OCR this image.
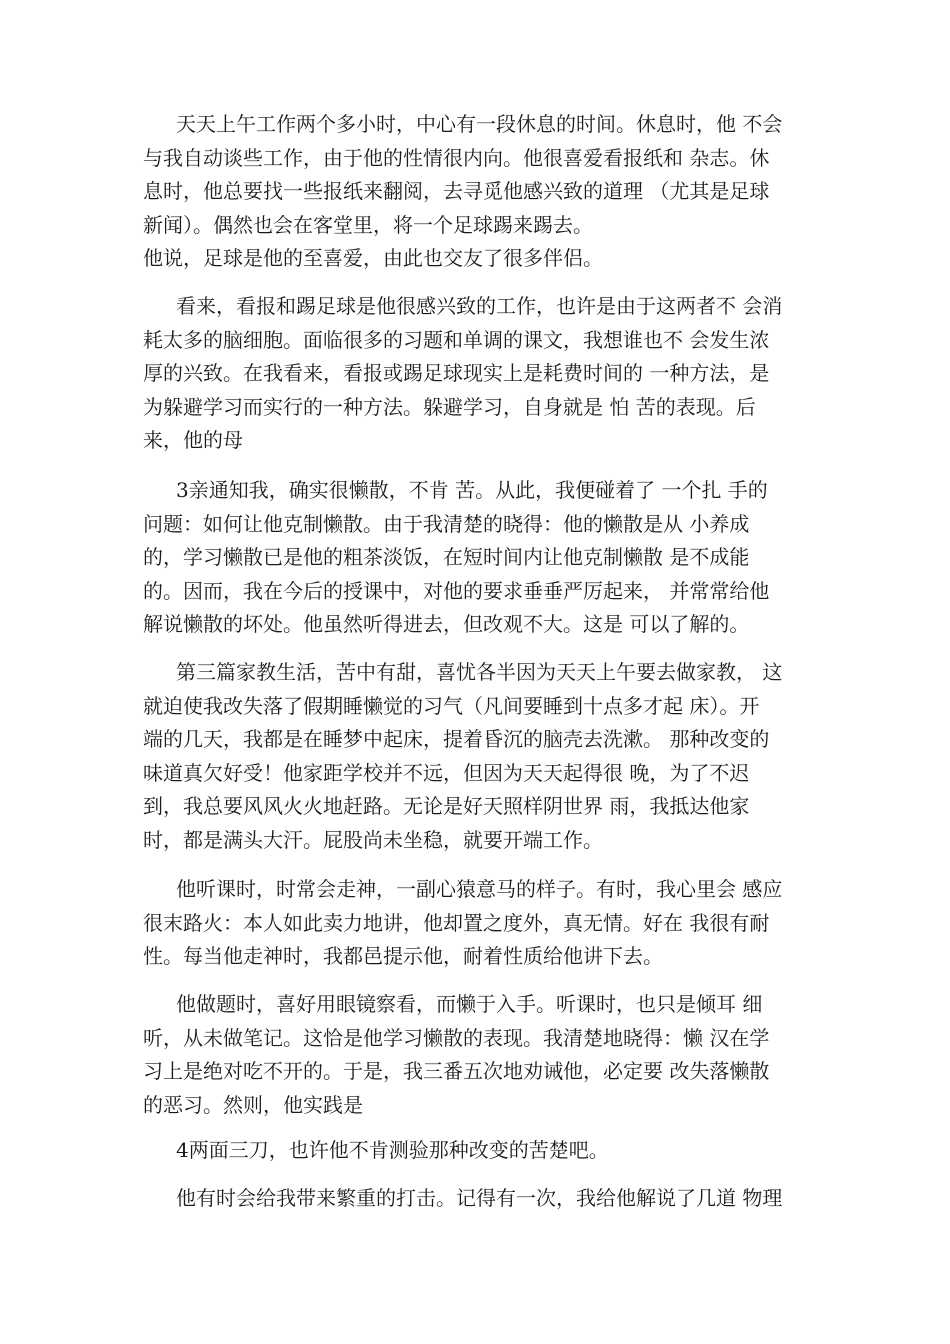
天天上午工作两个多小时，中心有一段休息的时间。休息时，他 不会
与我自动谈些工作，由于他的性情很内向。他很喜爱看报纸和 杂志。休
息时，他总要找一些报纸来翻阅，去寻觅他感兴致的道理 （尤其是足球
新闻）。偶然也会在客堂里，将一个足球踢来踢去。
他说，足球是他的至喜爱，由此也交友了很多伴侣。
看来，看报和踢足球是他很感兴致的工作，也许是由于这两者不 会消
耗太多的脑细胞。面临很多的习题和单调的课文，我想谁也不 会发生浓
厚的兴致。在我看来，看报或踢足球现实上是耗费时间的 一种方法，是
为躲避学习而实行的一种方法。躲避学习，自身就是 怕 苦的表现。后
来，他的母
3亲通知我，确实很懒散，不肯 苦。从此，我便碰着了 一个扎 手的
问题：如何让他克制懒散。由于我清楚的晓得：他的懒散是从 小养成
的，学习懒散已是他的粗茶淡饭，在短时间内让他克制懒散 是不成能
的。因而，我在今后的授课中，对他的要求垂垂严厉起来， 并常常给他
解说懒散的坏处。他虽然听得进去，但改观不大。这是 可以了解的。
第三篇家教生活，苦中有甜，喜忧各半因为天天上午要去做家教， 这
就迫使我改失落了假期睡懒觉的习气（凡间要睡到十点多才起 床）。开
端的几天，我都是在睡梦中起床，提着昏沉的脑壳去洗漱。 那种改变的
味道真欠好受！他家距学校并不远，但因为天天起得很 晚，为了不迟
到，我总要风风火火地赶路。无论是好天照样阴世界 雨，我抵达他家
时，都是满头大汗。屁股尚未坐稳，就要开端工作。
他听课时，时常会走神，一副心猿意马的样子。有时，我心里会 感应
很末路火：本人如此卖力地讲，他却置之度外，真无情。好在 我很有耐
性。每当他走神时，我都邑提示他，耐着性质给他讲下去。
他做题时，喜好用眼镜察看，而懒于入手。听课时，也只是倾耳 细
听，从未做笔记。这恰是他学习懒散的表现。我清楚地晓得：懒 汉在学
习上是绝对吃不开的。于是，我三番五次地劝诫他，必定要 改失落懒散
的恶习。然则，他实践是
4两面三刀，也许他不肯测验那种改变的苦楚吧。
他有时会给我带来繁重的打击。记得有一次，我给他解说了几道 物理
